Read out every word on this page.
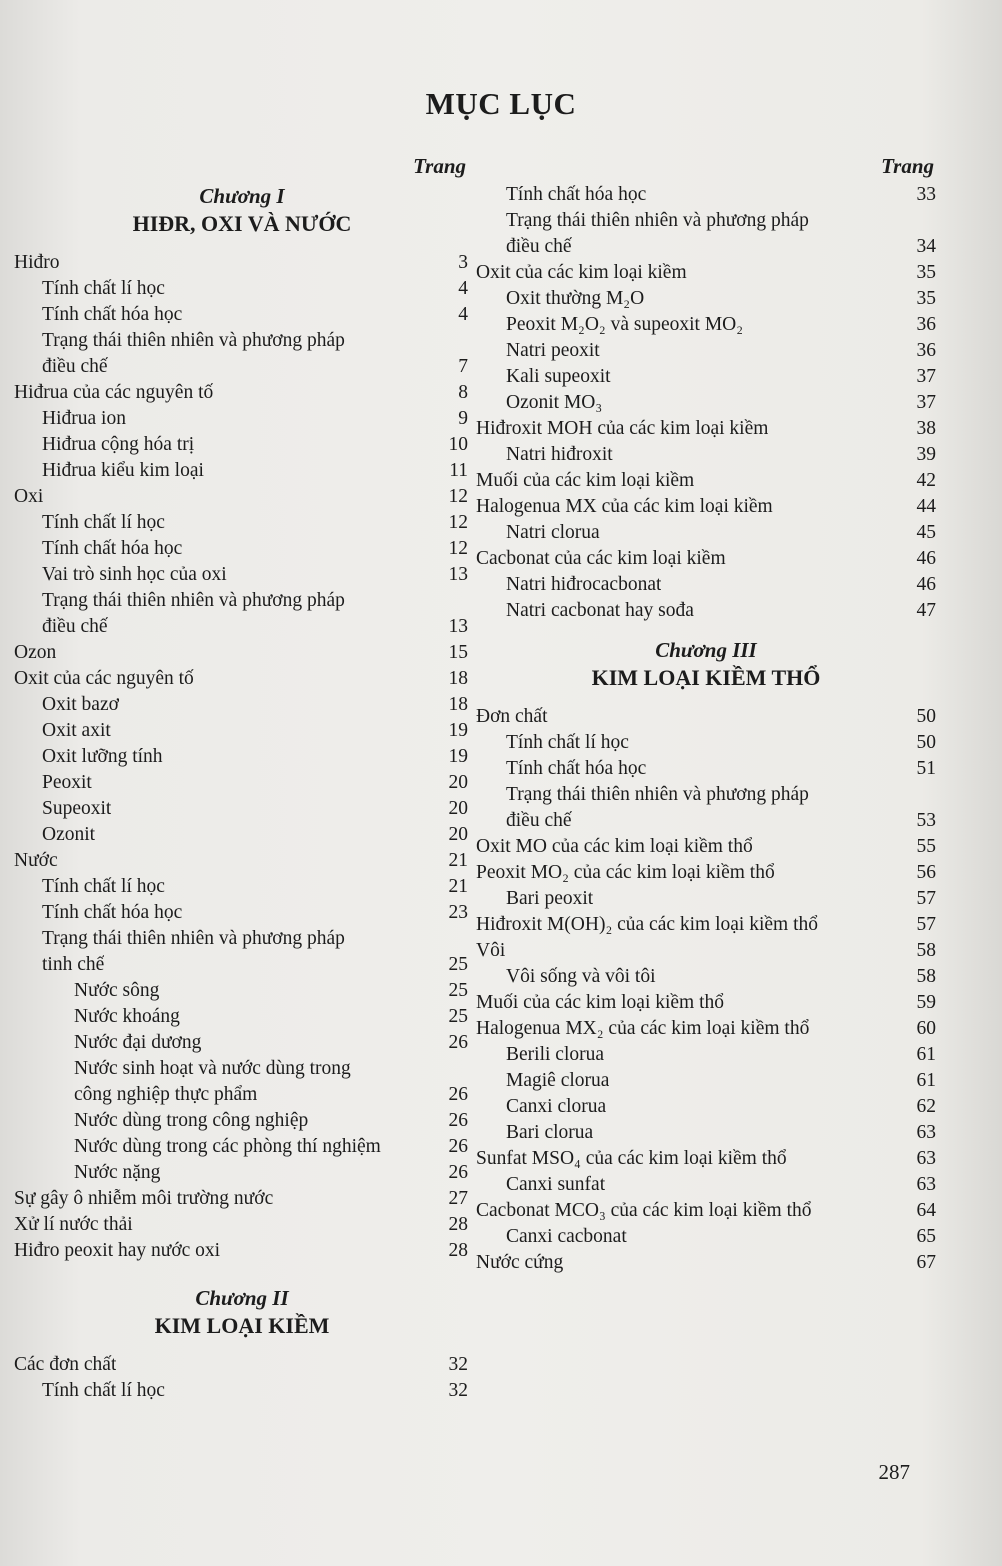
MỤC LỤC
Trang
Chương I
HIĐR, OXI VÀ NƯỚC
Hiđro	3
Tính chất lí học	4
Tính chất hóa học	4
Trạng thái thiên nhiên và phương pháp
điều chế	7
Hiđrua của các nguyên tố	8
Hiđrua ion	9
Hiđrua cộng hóa trị	10
Hiđrua kiểu kim loại	11
Oxi	12
Tính chất lí học	12
Tính chất hóa học	12
Vai trò sinh học của oxi	13
Trạng thái thiên nhiên và phương pháp
điều chế	13
Ozon	15
Oxit của các nguyên tố	18
Oxit bazơ	18
Oxit axit	19
Oxit lưỡng tính	19
Peoxit	20
Supeoxit	20
Ozonit	20
Nước	21
Tính chất lí học	21
Tính chất hóa học	23
Trạng thái thiên nhiên và phương pháp
tinh chế	25
Nước sông	25
Nước khoáng	25
Nước đại dương	26
Nước sinh hoạt và nước dùng trong
công nghiệp thực phẩm	26
Nước dùng trong công nghiệp	26
Nước dùng trong các phòng thí nghiệm	26
Nước nặng	26
Sự gây ô nhiễm môi trường nước	27
Xử lí nước thải	28
Hiđro peoxit hay nước oxi	28
Chương II
KIM LOẠI KIỀM
Các đơn chất	32
Tính chất lí học	32
Trang
Tính chất hóa học	33
Trạng thái thiên nhiên và phương pháp
điều chế	34
Oxit của các kim loại kiềm	35
Oxit thường M₂O	35
Peoxit M₂O₂ và supeoxit MO₂	36
Natri peoxit	36
Kali supeoxit	37
Ozonit MO₃	37
Hiđroxit MOH của các kim loại kiềm	38
Natri hiđroxit	39
Muối của các kim loại kiềm	42
Halogenua MX của các kim loại kiềm	44
Natri clorua	45
Cacbonat của các kim loại kiềm	46
Natri hiđrocacbonat	46
Natri cacbonat hay sođa	47
Chương III
KIM LOẠI KIỀM THỔ
Đơn chất	50
Tính chất lí học	50
Tính chất hóa học	51
Trạng thái thiên nhiên và phương pháp
điều chế	53
Oxit MO của các kim loại kiềm thổ	55
Peoxit MO₂ của các kim loại kiềm thổ	56
Bari peoxit	57
Hiđroxit M(OH)₂ của các kim loại kiềm thổ	57
Vôi	58
Vôi sống và vôi tôi	58
Muối của các kim loại kiềm thổ	59
Halogenua MX₂ của các kim loại kiềm thổ	60
Berili clorua	61
Magiê clorua	61
Canxi clorua	62
Bari clorua	63
Sunfat MSO₄ của các kim loại kiềm thổ	63
Canxi sunfat	63
Cacbonat MCO₃ của các kim loại kiềm thổ	64
Canxi cacbonat	65
Nước cứng	67
287
